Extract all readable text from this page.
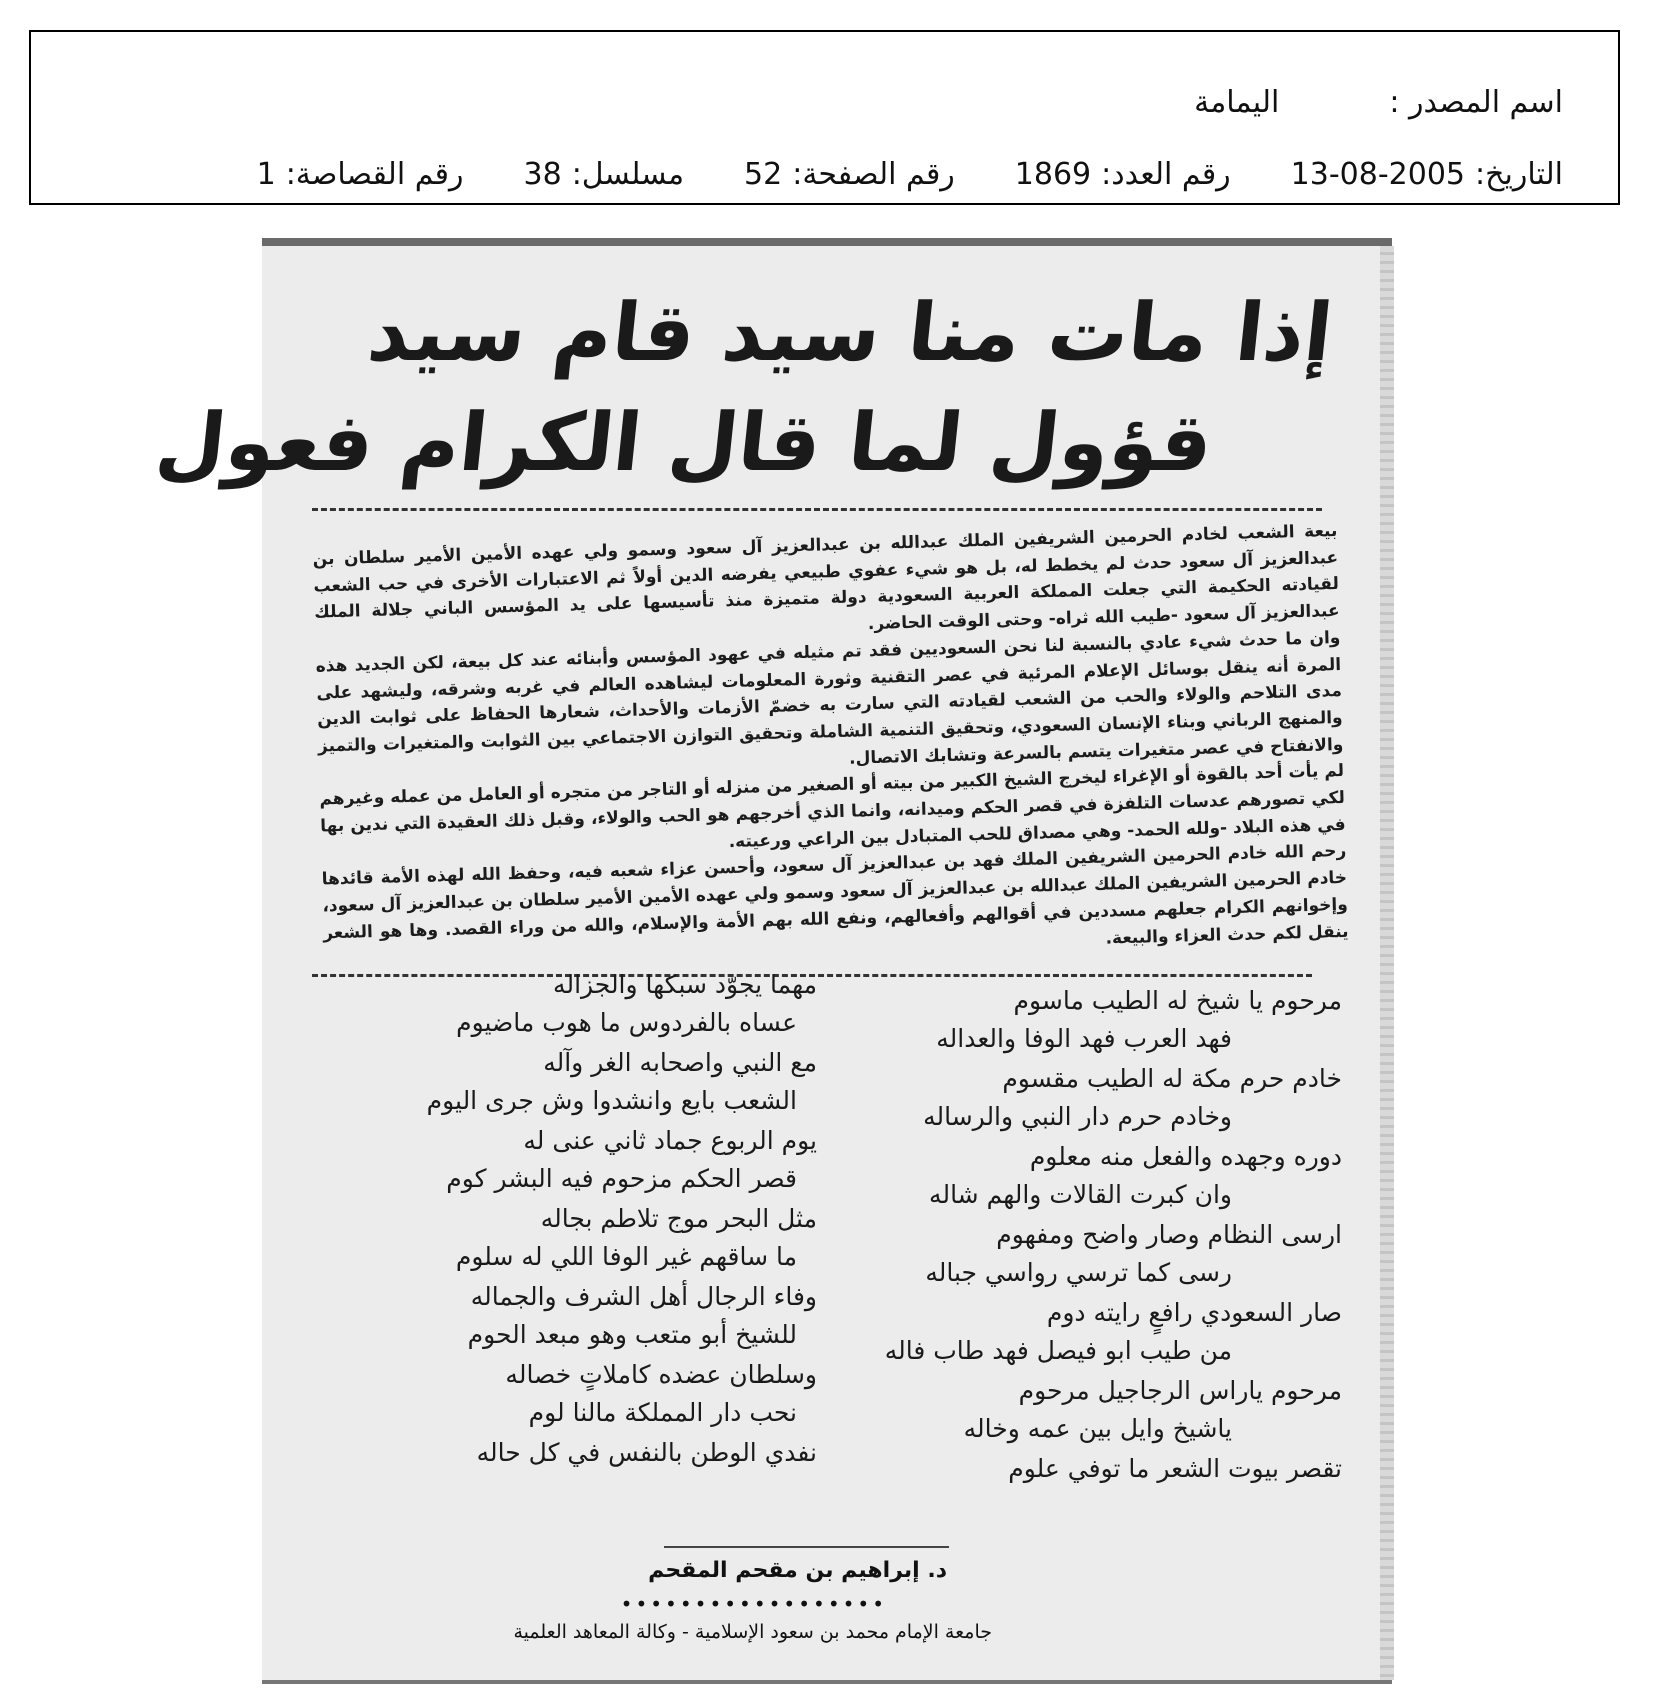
اسم المصدر :
اليمامة
التاريخ:
13-08-2005
رقم العدد:
1869
رقم الصفحة:
52
مسلسل:
38
رقم القصاصة:
1
إذا مات منا سيد قام سيد
قؤول لما قال الكرام فعول

بيعة الشعب لخادم الحرمين الشريفين الملك عبدالله بن عبدالعزيز آل سعود وسمو ولي عهده الأمين الأمير سلطان بن عبدالعزيز آل سعود حدث لم يخطط له، بل هو شيء عفوي طبيعي يفرضه الدين أولاً ثم الاعتبارات الأخرى في حب الشعب لقيادته الحكيمة التي جعلت المملكة العربية السعودية دولة متميزة منذ تأسيسها على يد المؤسس الباني جلالة الملك عبدالعزيز آل سعود -طيب الله ثراه- وحتى الوقت الحاضر.

وان ما حدث شيء عادي بالنسبة لنا نحن السعوديين فقد تم مثيله في عهود المؤسس وأبنائه عند كل بيعة، لكن الجديد هذه المرة أنه ينقل بوسائل الإعلام المرئية في عصر التقنية وثورة المعلومات ليشاهده العالم في غربه وشرقه، وليشهد على مدى التلاحم والولاء والحب من الشعب لقيادته التي سارت به خضمّ الأزمات والأحداث، شعارها الحفاظ على ثوابت الدين والمنهج الرباني وبناء الإنسان السعودي، وتحقيق التنمية الشاملة وتحقيق التوازن الاجتماعي بين الثوابت والمتغيرات والتميز والانفتاح في عصر متغيرات يتسم بالسرعة وتشابك الاتصال.

لم يأت أحد بالقوة أو الإغراء ليخرج الشيخ الكبير من بيته أو الصغير من منزله أو التاجر من متجره أو العامل من عمله وغيرهم لكي تصورهم عدسات التلفزة في قصر الحكم وميدانه، وانما الذي أخرجهم هو الحب والولاء، وقبل ذلك العقيدة التي ندين بها في هذه البلاد -ولله الحمد- وهي مصداق للحب المتبادل بين الراعي ورعيته.

رحم الله خادم الحرمين الشريفين الملك فهد بن عبدالعزيز آل سعود، وأحسن عزاء شعبه فيه، وحفظ الله لهذه الأمة قائدها خادم الحرمين الشريفين الملك عبدالله بن عبدالعزيز آل سعود وسمو ولي عهده الأمين الأمير سلطان بن عبدالعزيز آل سعود، وإخوانهم الكرام جعلهم مسددين في أقوالهم وأفعالهم، ونفع الله بهم الأمة والإسلام، والله من وراء القصد. وها هو الشعر ينقل لكم حدث العزاء والبيعة.

مرحوم يا شيخ له الطيب ماسوم
مهما يجوّد سبكها والجزاله
فهد العرب فهد الوفا والعداله
عساه بالفردوس ما هوب ماضيوم
خادم حرم مكة له الطيب مقسوم
مع النبي واصحابه الغر وآله
وخادم حرم دار النبي والرساله
الشعب بايع وانشدوا وش جرى اليوم
دوره وجهده والفعل منه معلوم
يوم الربوع جماد ثاني عنى له
وان كبرت القالات والهم شاله
قصر الحكم مزحوم فيه البشر كوم
ارسى النظام وصار واضح ومفهوم
مثل البحر موج تلاطم بجاله
رسى كما ترسي رواسي جباله
ما ساقهم غير الوفا اللي له سلوم
صار السعودي رافعٍ رايته دوم
وفاء الرجال أهل الشرف والجماله
من طيب ابو فيصل فهد طاب فاله
للشيخ أبو متعب وهو مبعد الحوم
مرحوم ياراس الرجاجيل مرحوم
وسلطان عضده كاملاتٍ خصاله
ياشيخ وايل بين عمه وخاله
نحب دار المملكة مالنا لوم
تقصر بيوت الشعر ما توفي علوم
نفدي الوطن بالنفس في كل حاله
د. إبراهيم بن مقحم المقحم
••••••••••••••••••
جامعة الإمام محمد بن سعود الإسلامية - وكالة المعاهد العلمية
